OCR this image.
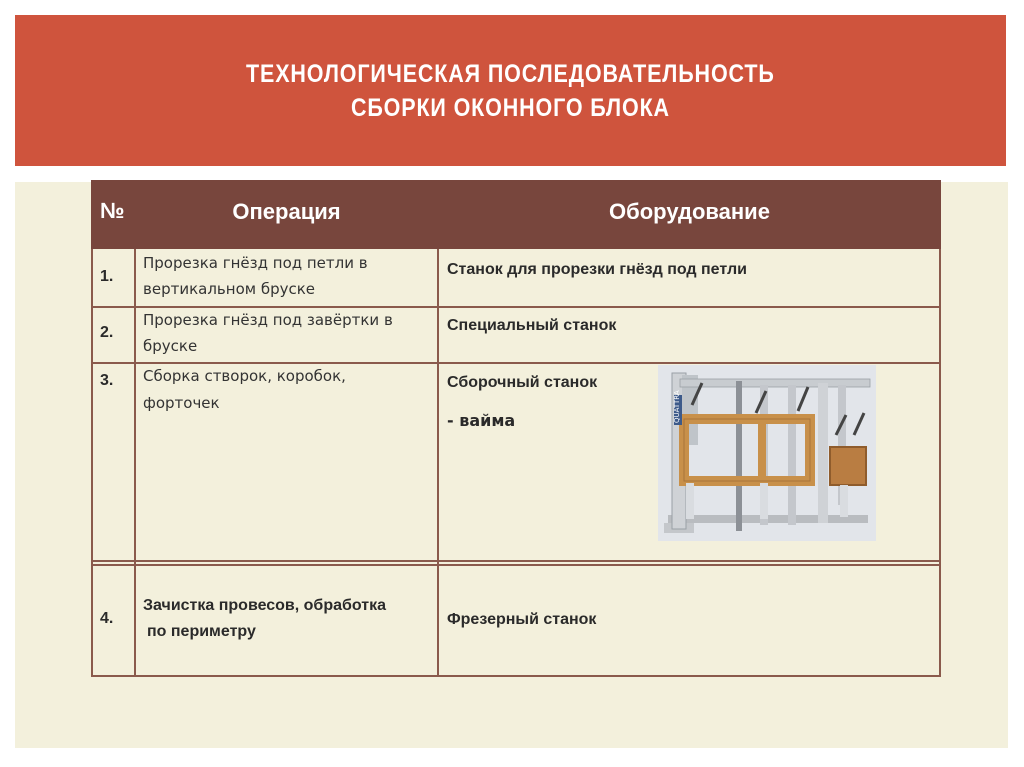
ТЕХНОЛОГИЧЕСКАЯ ПОСЛЕДОВАТЕЛЬНОСТЬ
СБОРКИ ОКОННОГО БЛОКА
№	Операция	Оборудование
1.
Прорезка гнёзд под петли в
вертикальном бруске
Станок для прорезки гнёзд под петли
2.
Прорезка гнёзд под завёртки в
бруске
Специальный станок
3. Сборка створок, коробок,
форточек
Сборочный станок
- вайма
4.
Зачистка провесов, обработка
по периметру
Фрезерный станок
QUATTRA
